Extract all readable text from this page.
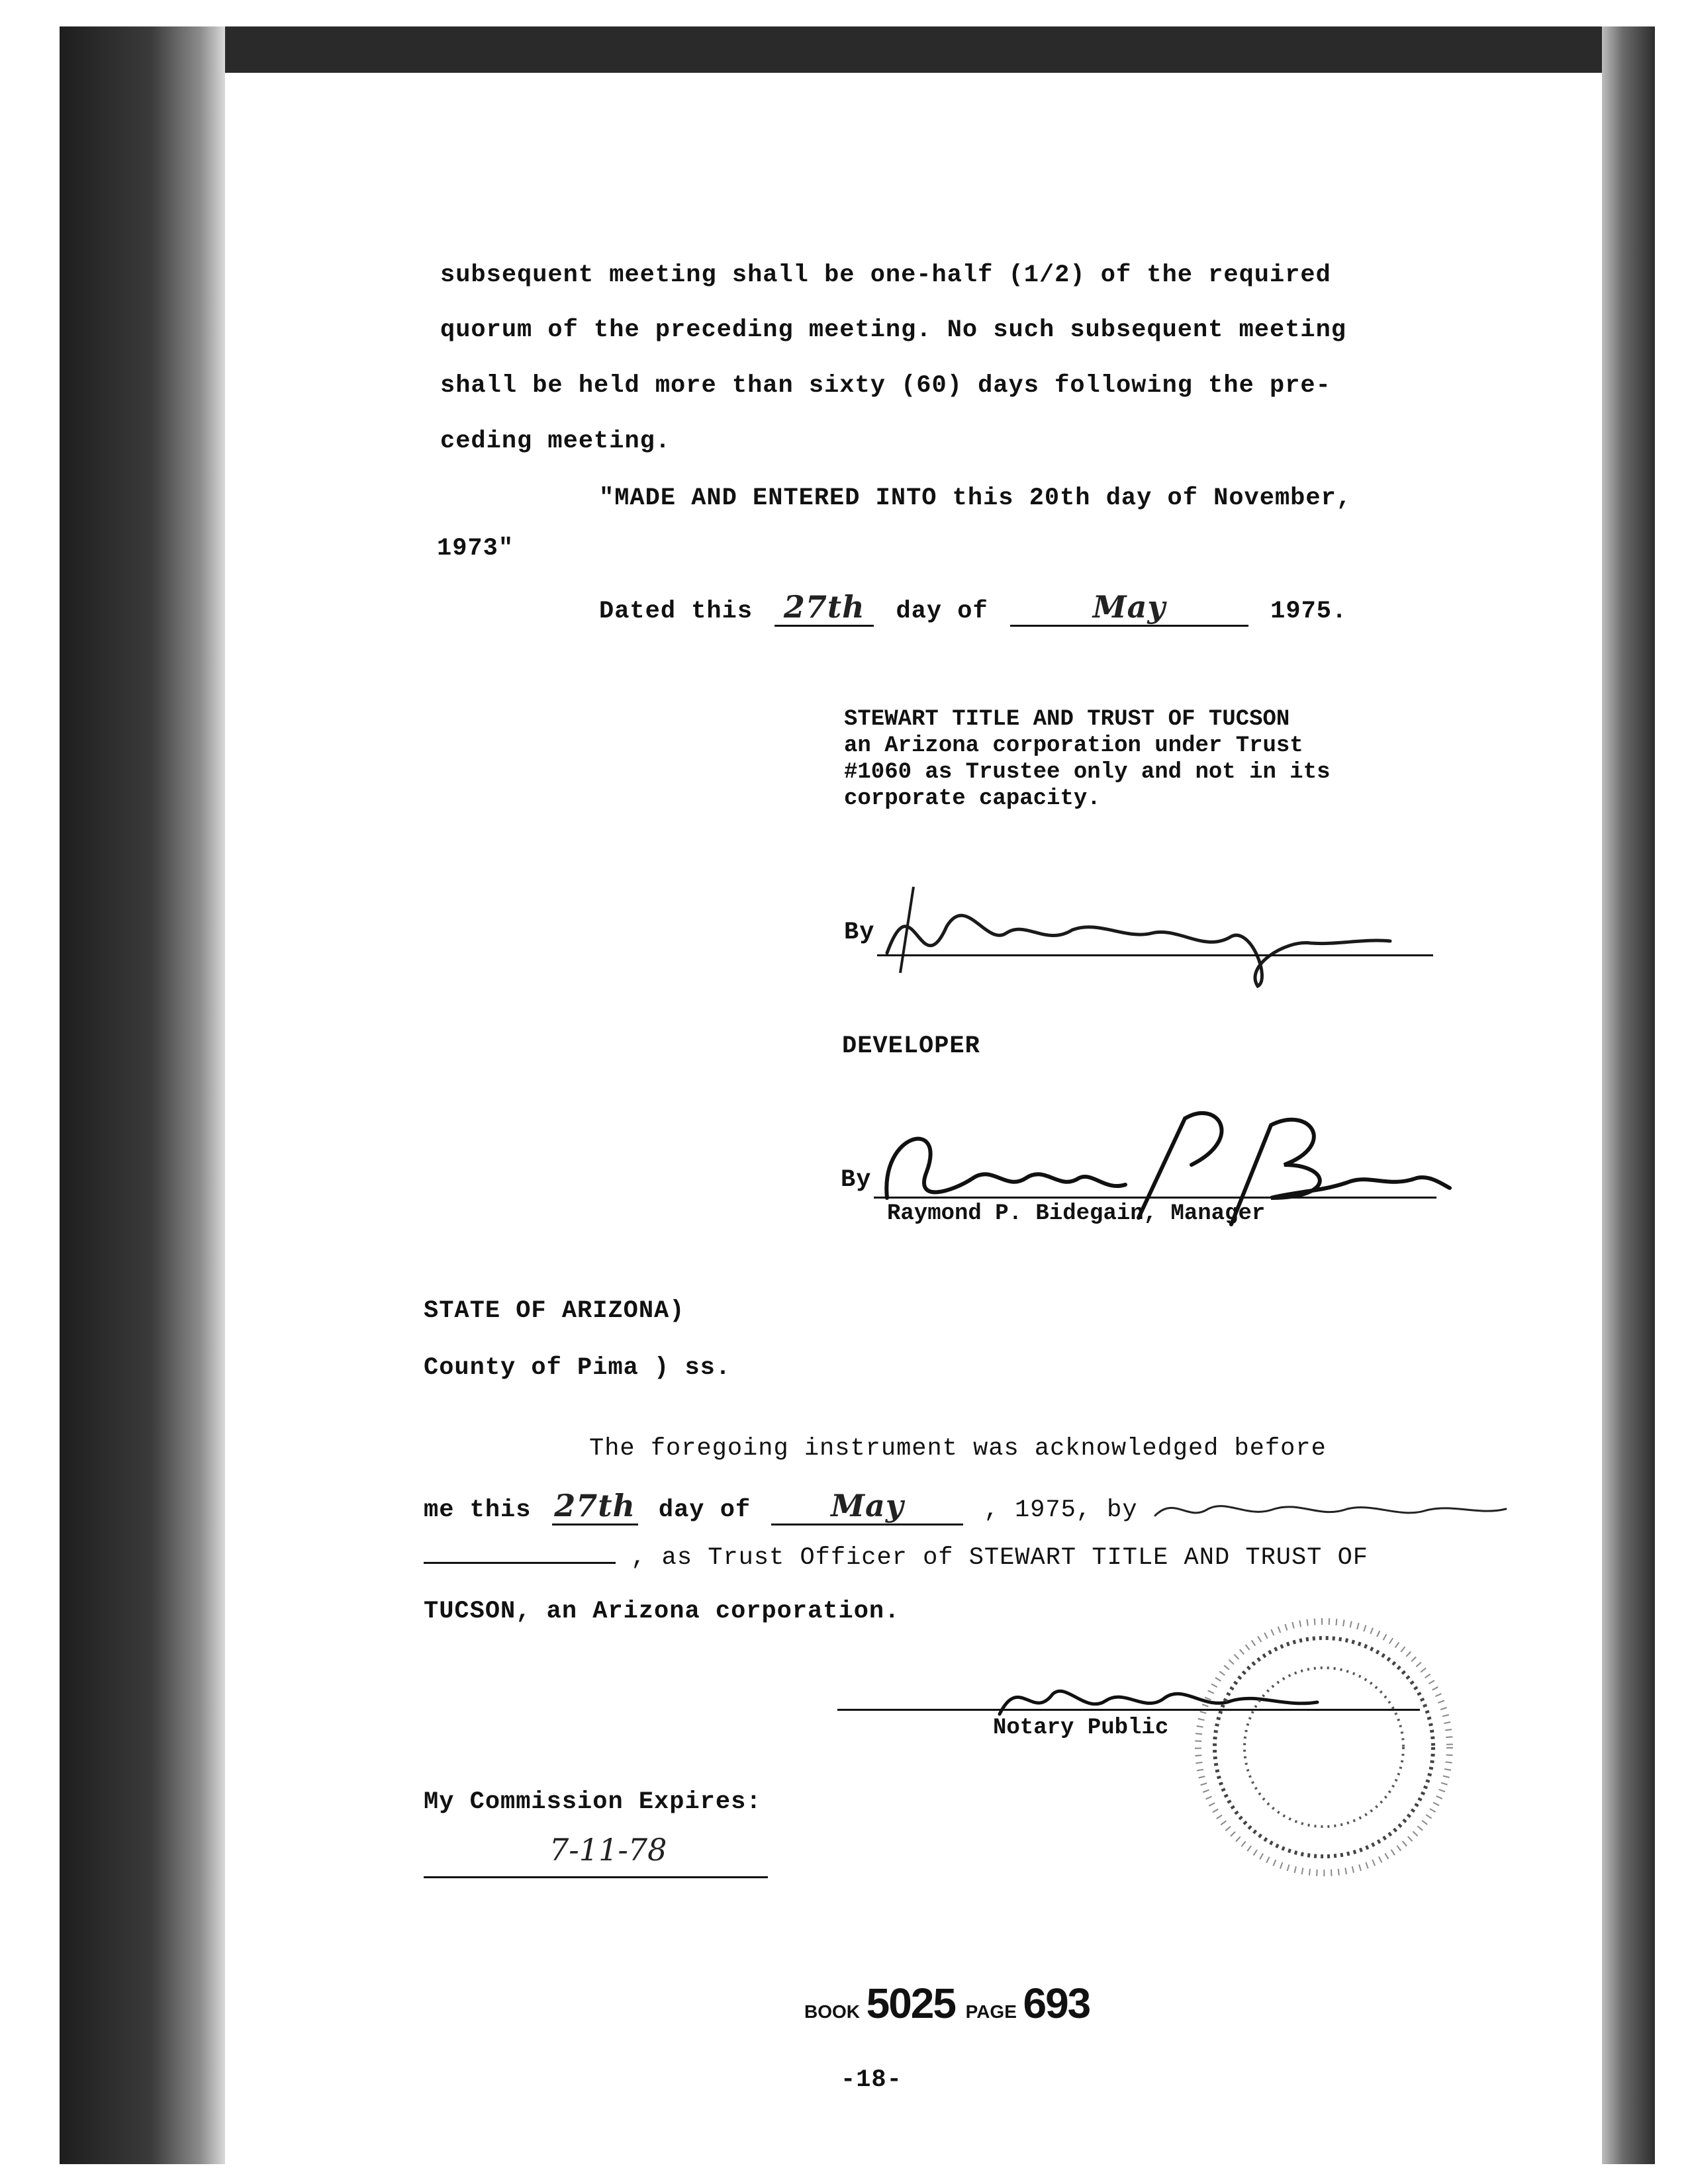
subsequent meeting shall be one-half (1/2) of the required
quorum of the preceding meeting. No such subsequent meeting
shall be held more than sixty (60) days following the pre-
ceding meeting.
"MADE AND ENTERED INTO this 20th day of November,
1973"
Dated this 27th day of	May	1975.
STEWART TITLE AND TRUST OF TUCSON
an Arizona corporation under Trust
#1060 as Trustee only and not in its
corporate capacity.
By
DEVELOPER
By
Raymond P. Bidegain, Manager
STATE OF ARIZONA)
County of Pima ) ss.
The foregoing instrument was acknowledged before
me this 27th day of	May	, 1975, by
, as Trust Officer of STEWART TITLE AND TRUST OF
TUCSON, an Arizona corporation.
Notary Public
My Commission Expires:
7-11-78
BOOK 5025 PAGE 693
-18-
